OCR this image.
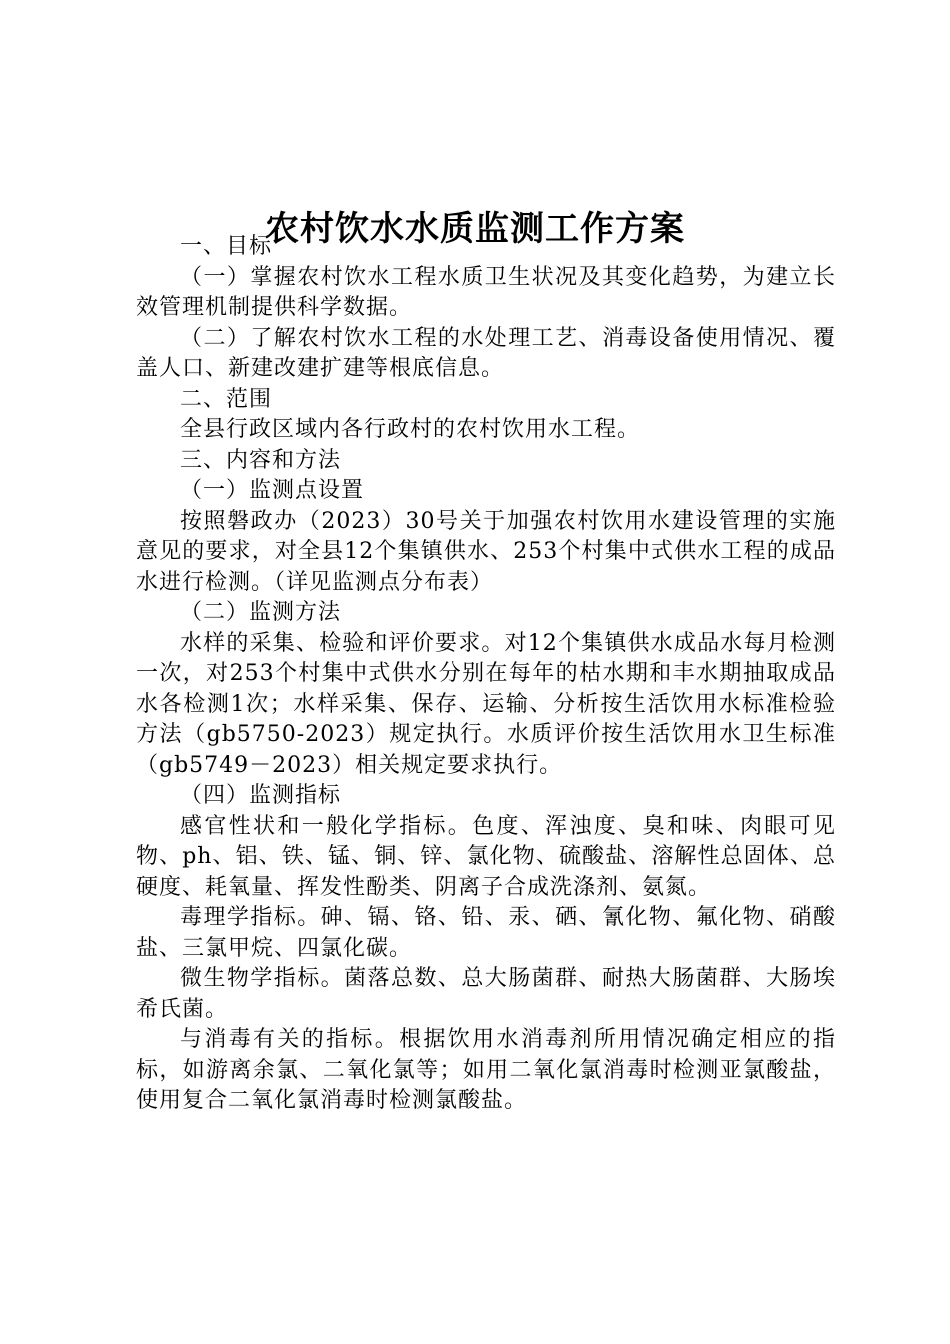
农村饮水水质监测工作方案

一、目标

（一）掌握农村饮水工程水质卫生状况及其变化趋势，为建立长效管理机制提供科学数据。

（二）了解农村饮水工程的水处理工艺、消毒设备使用情况、覆盖人口、新建改建扩建等根底信息。

二、范围

全县行政区域内各行政村的农村饮用水工程。

三、内容和方法

（一）监测点设置

按照磐政办（2023）30号关于加强农村饮用水建设管理的实施意见的要求，对全县12个集镇供水、253个村集中式供水工程的成品水进行检测。（详见监测点分布表）

（二）监测方法

水样的采集、检验和评价要求。对12个集镇供水成品水每月检测一次，对253个村集中式供水分别在每年的枯水期和丰水期抽取成品水各检测1次；水样采集、保存、运输、分析按生活饮用水标准检验方法（gb5750-2023）规定执行。水质评价按生活饮用水卫生标准（gb5749－2023）相关规定要求执行。

（四）监测指标

感官性状和一般化学指标。色度、浑浊度、臭和味、肉眼可见物、ph、铝、铁、锰、铜、锌、氯化物、硫酸盐、溶解性总固体、总硬度、耗氧量、挥发性酚类、阴离子合成洗涤剂、氨氮。

毒理学指标。砷、镉、铬、铅、汞、硒、氰化物、氟化物、硝酸盐、三氯甲烷、四氯化碳。

微生物学指标。菌落总数、总大肠菌群、耐热大肠菌群、大肠埃希氏菌。

与消毒有关的指标。根据饮用水消毒剂所用情况确定相应的指标，如游离余氯、二氧化氯等；如用二氧化氯消毒时检测亚氯酸盐，使用复合二氧化氯消毒时检测氯酸盐。
